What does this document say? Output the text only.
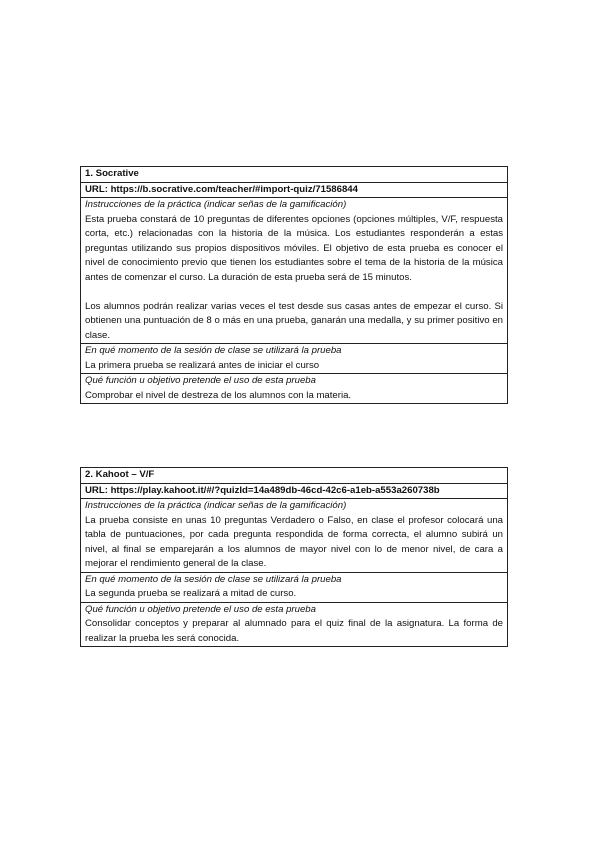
1. Socrative
URL: https://b.socrative.com/teacher/#import-quiz/71586844
Instrucciones de la práctica (indicar señas de la gamificación)

Esta prueba constará de 10 preguntas de diferentes opciones (opciones múltiples, V/F, respuesta corta, etc.) relacionadas con la historia de la música. Los estudiantes responderán a estas preguntas utilizando sus propios dispositivos móviles. El objetivo de esta prueba es conocer el nivel de conocimiento previo que tienen los estudiantes sobre el tema de la historia de la música antes de comenzar el curso. La duración de esta prueba será de 15 minutos.

Los alumnos podrán realizar varias veces el test desde sus casas antes de empezar el curso. Si obtienen una puntuación de 8 o más en una prueba, ganarán una medalla, y su primer positivo en clase.

En qué momento de la sesión de clase se utilizará la prueba
La primera prueba se realizará antes de iniciar el curso
Qué función u objetivo pretende el uso de esta prueba
Comprobar el nivel de destreza de los alumnos con la materia.
2. Kahoot – V/F
URL: https://play.kahoot.it/#/?quizId=14a489db-46cd-42c6-a1eb-a553a260738b
Instrucciones de la práctica (indicar señas de la gamificación)

La prueba consiste en unas 10 preguntas Verdadero o Falso, en clase el profesor colocará una tabla de puntuaciones, por cada pregunta respondida de forma correcta, el alumno subirá un nivel, al final se emparejarán a los alumnos de mayor nivel con lo de menor nivel, de cara a mejorar el rendimiento general de la clase.

En qué momento de la sesión de clase se utilizará la prueba
La segunda prueba se realizará a mitad de curso.
Qué función u objetivo pretende el uso de esta prueba
Consolidar conceptos y preparar al alumnado para el quiz final de la asignatura. La forma de realizar la prueba les será conocida.
